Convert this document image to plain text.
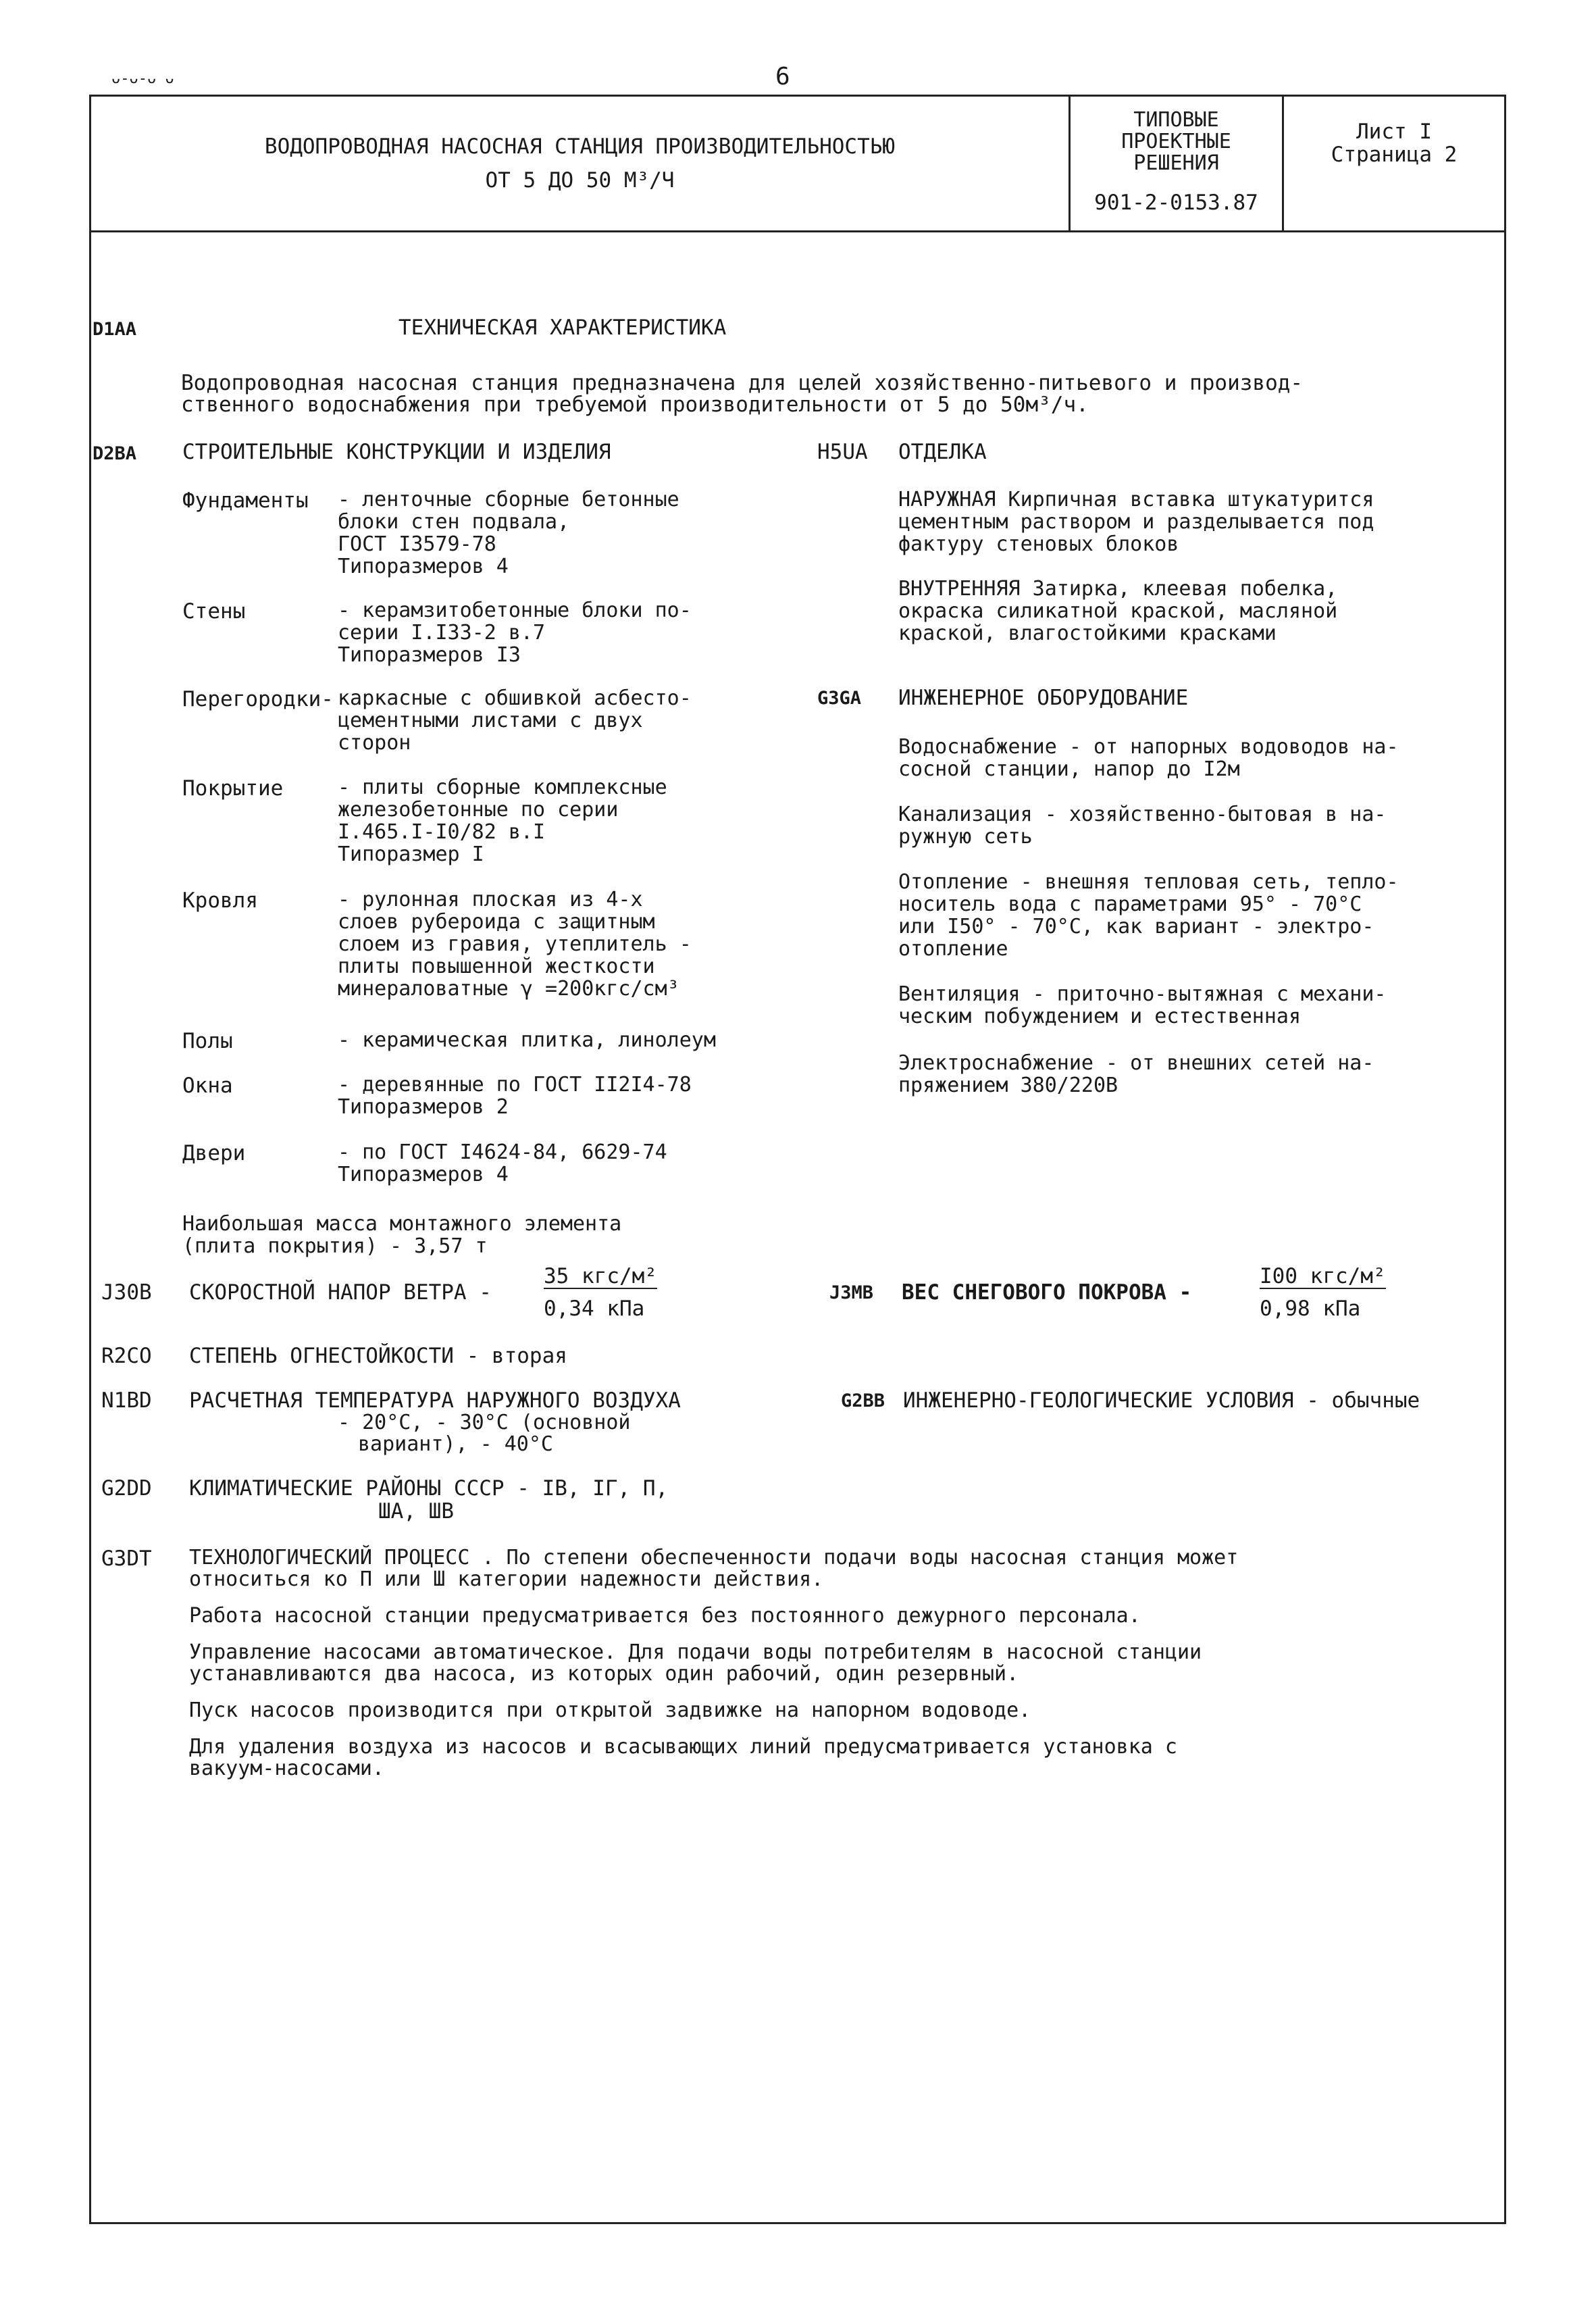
ᴗ-ᴗ-ᴗ ᴗ	6
ВОДОПРОВОДНАЯ НАСОСНАЯ СТАНЦИЯ ПРОИЗВОДИТЕЛЬНОСТЬЮ
ОТ 5 ДО 50 М³/Ч
ТИПОВЫЕ
ПРОЕКТНЫЕ
РЕШЕНИЯ
901-2-0153.87
Лист I
Страница 2
D1AA	ТЕХНИЧЕСКАЯ ХАРАКТЕРИСТИКА
Водопроводная насосная станция предназначена для целей хозяйственно-питьевого и производ-
ственного водоснабжения при требуемой производительности от 5 до 50м³/ч.
D2BA СТРОИТЕЛЬНЫЕ КОНСТРУКЦИИ И ИЗДЕЛИЯ
Фундаменты - ленточные сборные бетонные
блоки стен подвала,
ГОСТ I3579-78
Типоразмеров 4
Стены	- керамзитобетонные блоки по-
серии I.I33-2 в.7
Типоразмеров I3
Перегородки- каркасные с обшивкой асбесто-
цементными листами с двух
сторон
Покрытие	- плиты сборные комплексные
железобетонные по серии
I.465.I-I0/82 в.I
Типоразмер I
Кровля	- рулонная плоская из 4-х
слоев рубероида с защитным
слоем из гравия, утеплитель -
плиты повышенной жесткости
минераловатные γ =200кгс/см³
Полы	- керамическая плитка, линолеум
Окна	- деревянные по ГОСТ II2I4-78
Типоразмеров 2
Двери	- по ГОСТ I4624-84, 6629-74
Типоразмеров 4
Наибольшая масса монтажного элемента
(плита покрытия) - 3,57 т
H5UA ОТДЕЛКА
НАРУЖНАЯ Кирпичная вставка штукатурится
цементным раствором и разделывается под
фактуру стеновых блоков
ВНУТРЕННЯЯ Затирка, клеевая побелка,
окраска силикатной краской, масляной
краской, влагостойкими красками
G3GA ИНЖЕНЕРНОЕ ОБОРУДОВАНИЕ
Водоснабжение - от напорных водоводов на-
сосной станции, напор до I2м
Канализация - хозяйственно-бытовая в на-
ружную сеть
Отопление - внешняя тепловая сеть, тепло-
носитель вода с параметрами 95° - 70°С
или I50° - 70°С, как вариант - электро-
отопление
Вентиляция - приточно-вытяжная с механи-
ческим побуждением и естественная
Электроснабжение - от внешних сетей на-
пряжением 380/220В
J30B СКОРОСТНОЙ НАПОР ВЕТРА -
35 кгс/м²
0,34 кПа
J3MB ВЕС СНЕГОВОГО ПОКРОВА -
I00 кгс/м²
0,98 кПа
R2CO СТЕПЕНЬ ОГНЕСТОЙКОСТИ - вторая
N1BD РАСЧЕТНАЯ ТЕМПЕРАТУРА НАРУЖНОГО ВОЗДУХА
- 20°С, - 30°С (основной
вариант), - 40°С
G2BB ИНЖЕНЕРНО-ГЕОЛОГИЧЕСКИЕ УСЛОВИЯ - обычные
G2DD КЛИМАТИЧЕСКИЕ РАЙОНЫ СССР - IВ, IГ, П,
ША, ШВ
G3DT ТЕХНОЛОГИЧЕСКИЙ ПРОЦЕСС . По степени обеспеченности подачи воды насосная станция может
относиться ко П или Ш категории надежности действия.
Работа насосной станции предусматривается без постоянного дежурного персонала.
Управление насосами автоматическое. Для подачи воды потребителям в насосной станции
устанавливаются два насоса, из которых один рабочий, один резервный.
Пуск насосов производится при открытой задвижке на напорном водоводе.
Для удаления воздуха из насосов и всасывающих линий предусматривается установка с
вакуум-насосами.
